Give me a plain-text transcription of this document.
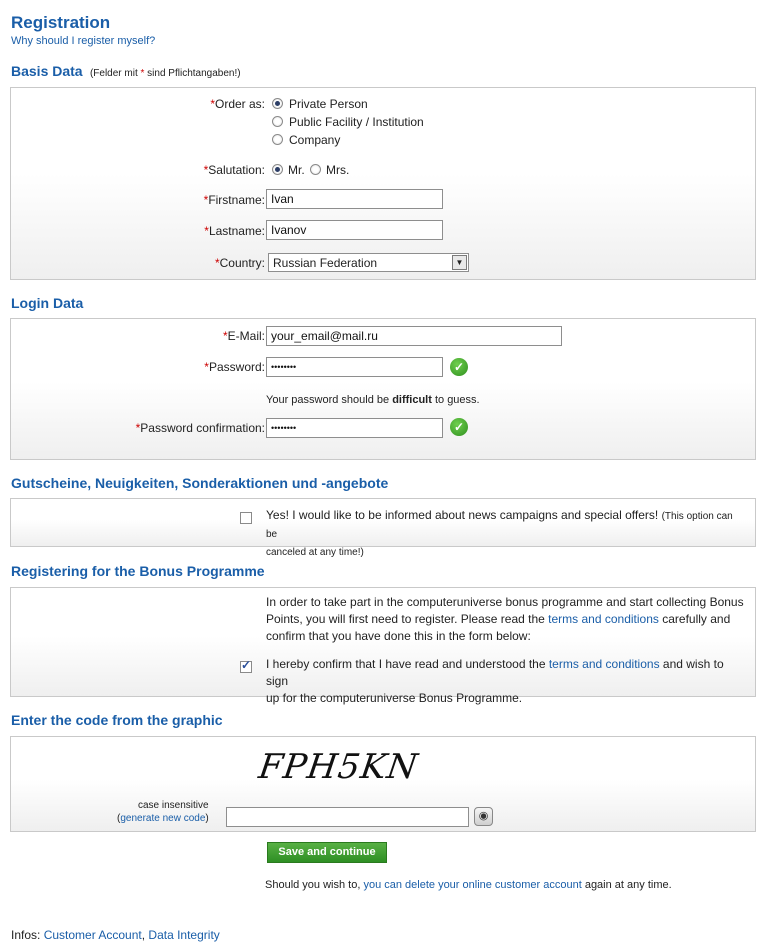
Registration
Why should I register myself?
Basis Data (Felder mit * sind Pflichtangaben!)
*Order as: Private Person
Public Facility / Institution
Company
*Salutation: Mr. Mrs.
*Firstname: Ivan
*Lastname: Ivanov
*Country: Russian Federation	▼
Login Data
*E-Mail: your_email@mail.ru
*Password: ••••••••	✓
Your password should be difficult to guess.
*Password confirmation: ••••••••	✓
Gutscheine, Neuigkeiten, Sonderaktionen und -angebote
Yes! I would like to be informed about news campaigns and special offers! (This option can be
canceled at any time!)
Registering for the Bonus Programme
In order to take part in the computeruniverse bonus programme and start collecting Bonus
Points, you will first need to register. Please read the terms and conditions carefully and
confirm that you have done this in the form below:
✓
I hereby confirm that I have read and understood the terms and conditions and wish to sign
up for the computeruniverse Bonus Programme.
Enter the code from the graphic
FPH5KN
case insensitive
(generate new code)	◉
Save and continue
Should you wish to, you can delete your online customer account again at any time.
Infos: Customer Account, Data Integrity
